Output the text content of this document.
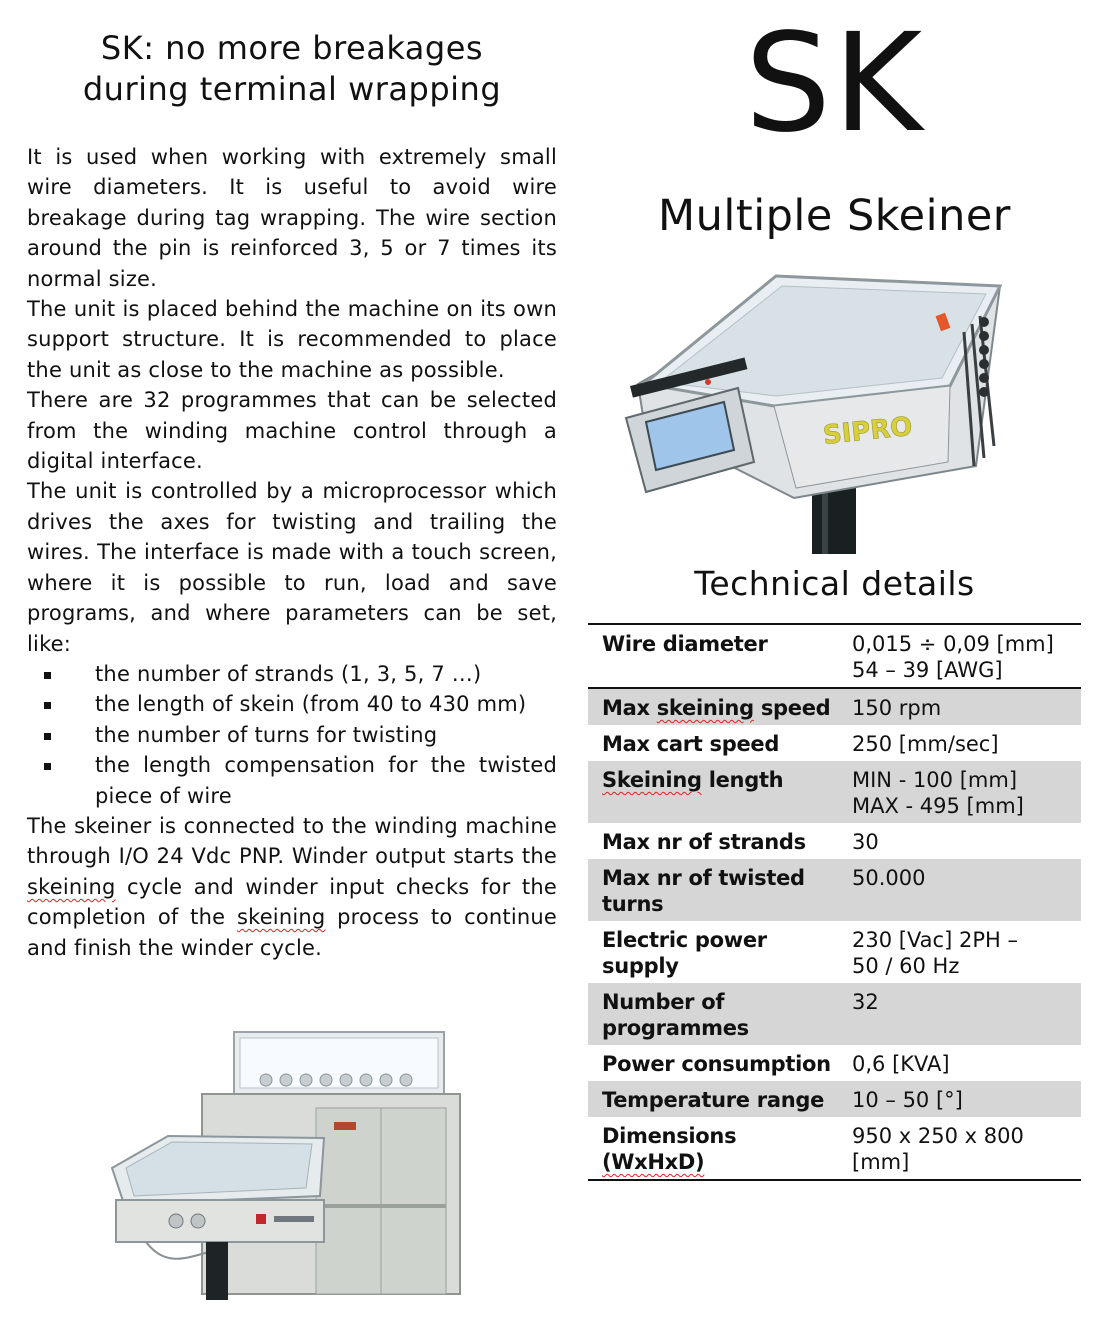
SK: no more breakages
during terminal wrapping

It is used when working with extremely small wire diameters. It is useful to avoid wire breakage during tag wrapping. The wire section around the pin is reinforced 3, 5 or 7 times its normal size.

The unit is placed behind the machine on its own support structure. It is recommended to place the unit as close to the machine as possible.

There are 32 programmes that can be selected from the winding machine control through a digital interface.

The unit is controlled by a microprocessor which drives the axes for twisting and trailing the wires. The interface is made with a touch screen, where it is possible to run, load and save programs, and where parameters can be set, like:

the number of strands (1, 3, 5, 7 …)
the length of skein (from 40 to 430 mm)
the number of turns for twisting
the length compensation for the twisted piece of wire

The skeiner is connected to the winding machine through I/O 24 Vdc PNP. Winder output starts the skeining cycle and winder input checks for the completion of the skeining process to continue and finish the winder cycle.

SK
Multiple Skeiner
SIPRO
Technical details
Wire diameter	0,015 ÷ 0,09 [mm]
54 – 39 [AWG]
Max skeining speed	150 rpm
Max cart speed	250 [mm/sec]
Skeining length	MIN - 100 [mm]
MAX - 495 [mm]
Max nr of strands	30
Max nr of twisted turns	50.000
Electric power supply	230 [Vac] 2PH –
50 / 60 Hz
Number of programmes	32
Power consumption	0,6 [KVA]
Temperature range	10 – 50 [°]
Dimensions
(WxHxD)	950 x 250 x 800
[mm]
